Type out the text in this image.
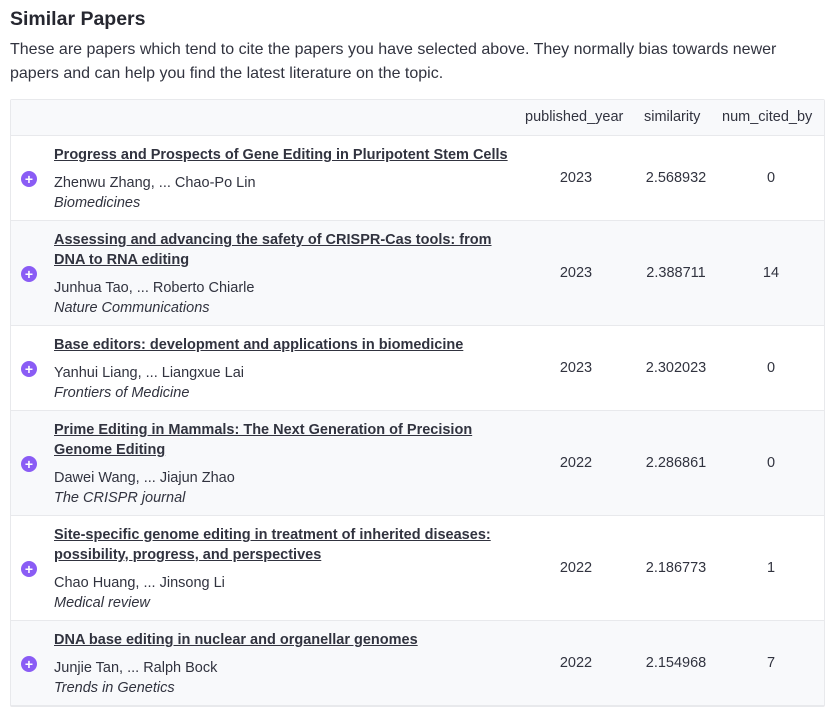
Similar Papers

These are papers which tend to cite the papers you have selected above. They normally bias towards newer papers and can help you find the latest literature on the topic.

published_year similarity num_cited_by
+
Progress and Prospects of Gene Editing in Pluripotent Stem Cells
Zhenwu Zhang, ... Chao-Po Lin
Biomedicines
2023	2.568932	0
+
Assessing and advancing the safety of CRISPR-Cas tools: from DNA to RNA editing
Junhua Tao, ... Roberto Chiarle
Nature Communications
2023	2.388711	14
+
Base editors: development and applications in biomedicine
Yanhui Liang, ... Liangxue Lai
Frontiers of Medicine
2023	2.302023	0
+
Prime Editing in Mammals: The Next Generation of Precision Genome Editing
Dawei Wang, ... Jiajun Zhao
The CRISPR journal
2022	2.286861	0
+
Site-specific genome editing in treatment of inherited diseases: possibility, progress, and perspectives
Chao Huang, ... Jinsong Li
Medical review
2022	2.186773	1
+
DNA base editing in nuclear and organellar genomes
Junjie Tan, ... Ralph Bock
Trends in Genetics
2022	2.154968	7
